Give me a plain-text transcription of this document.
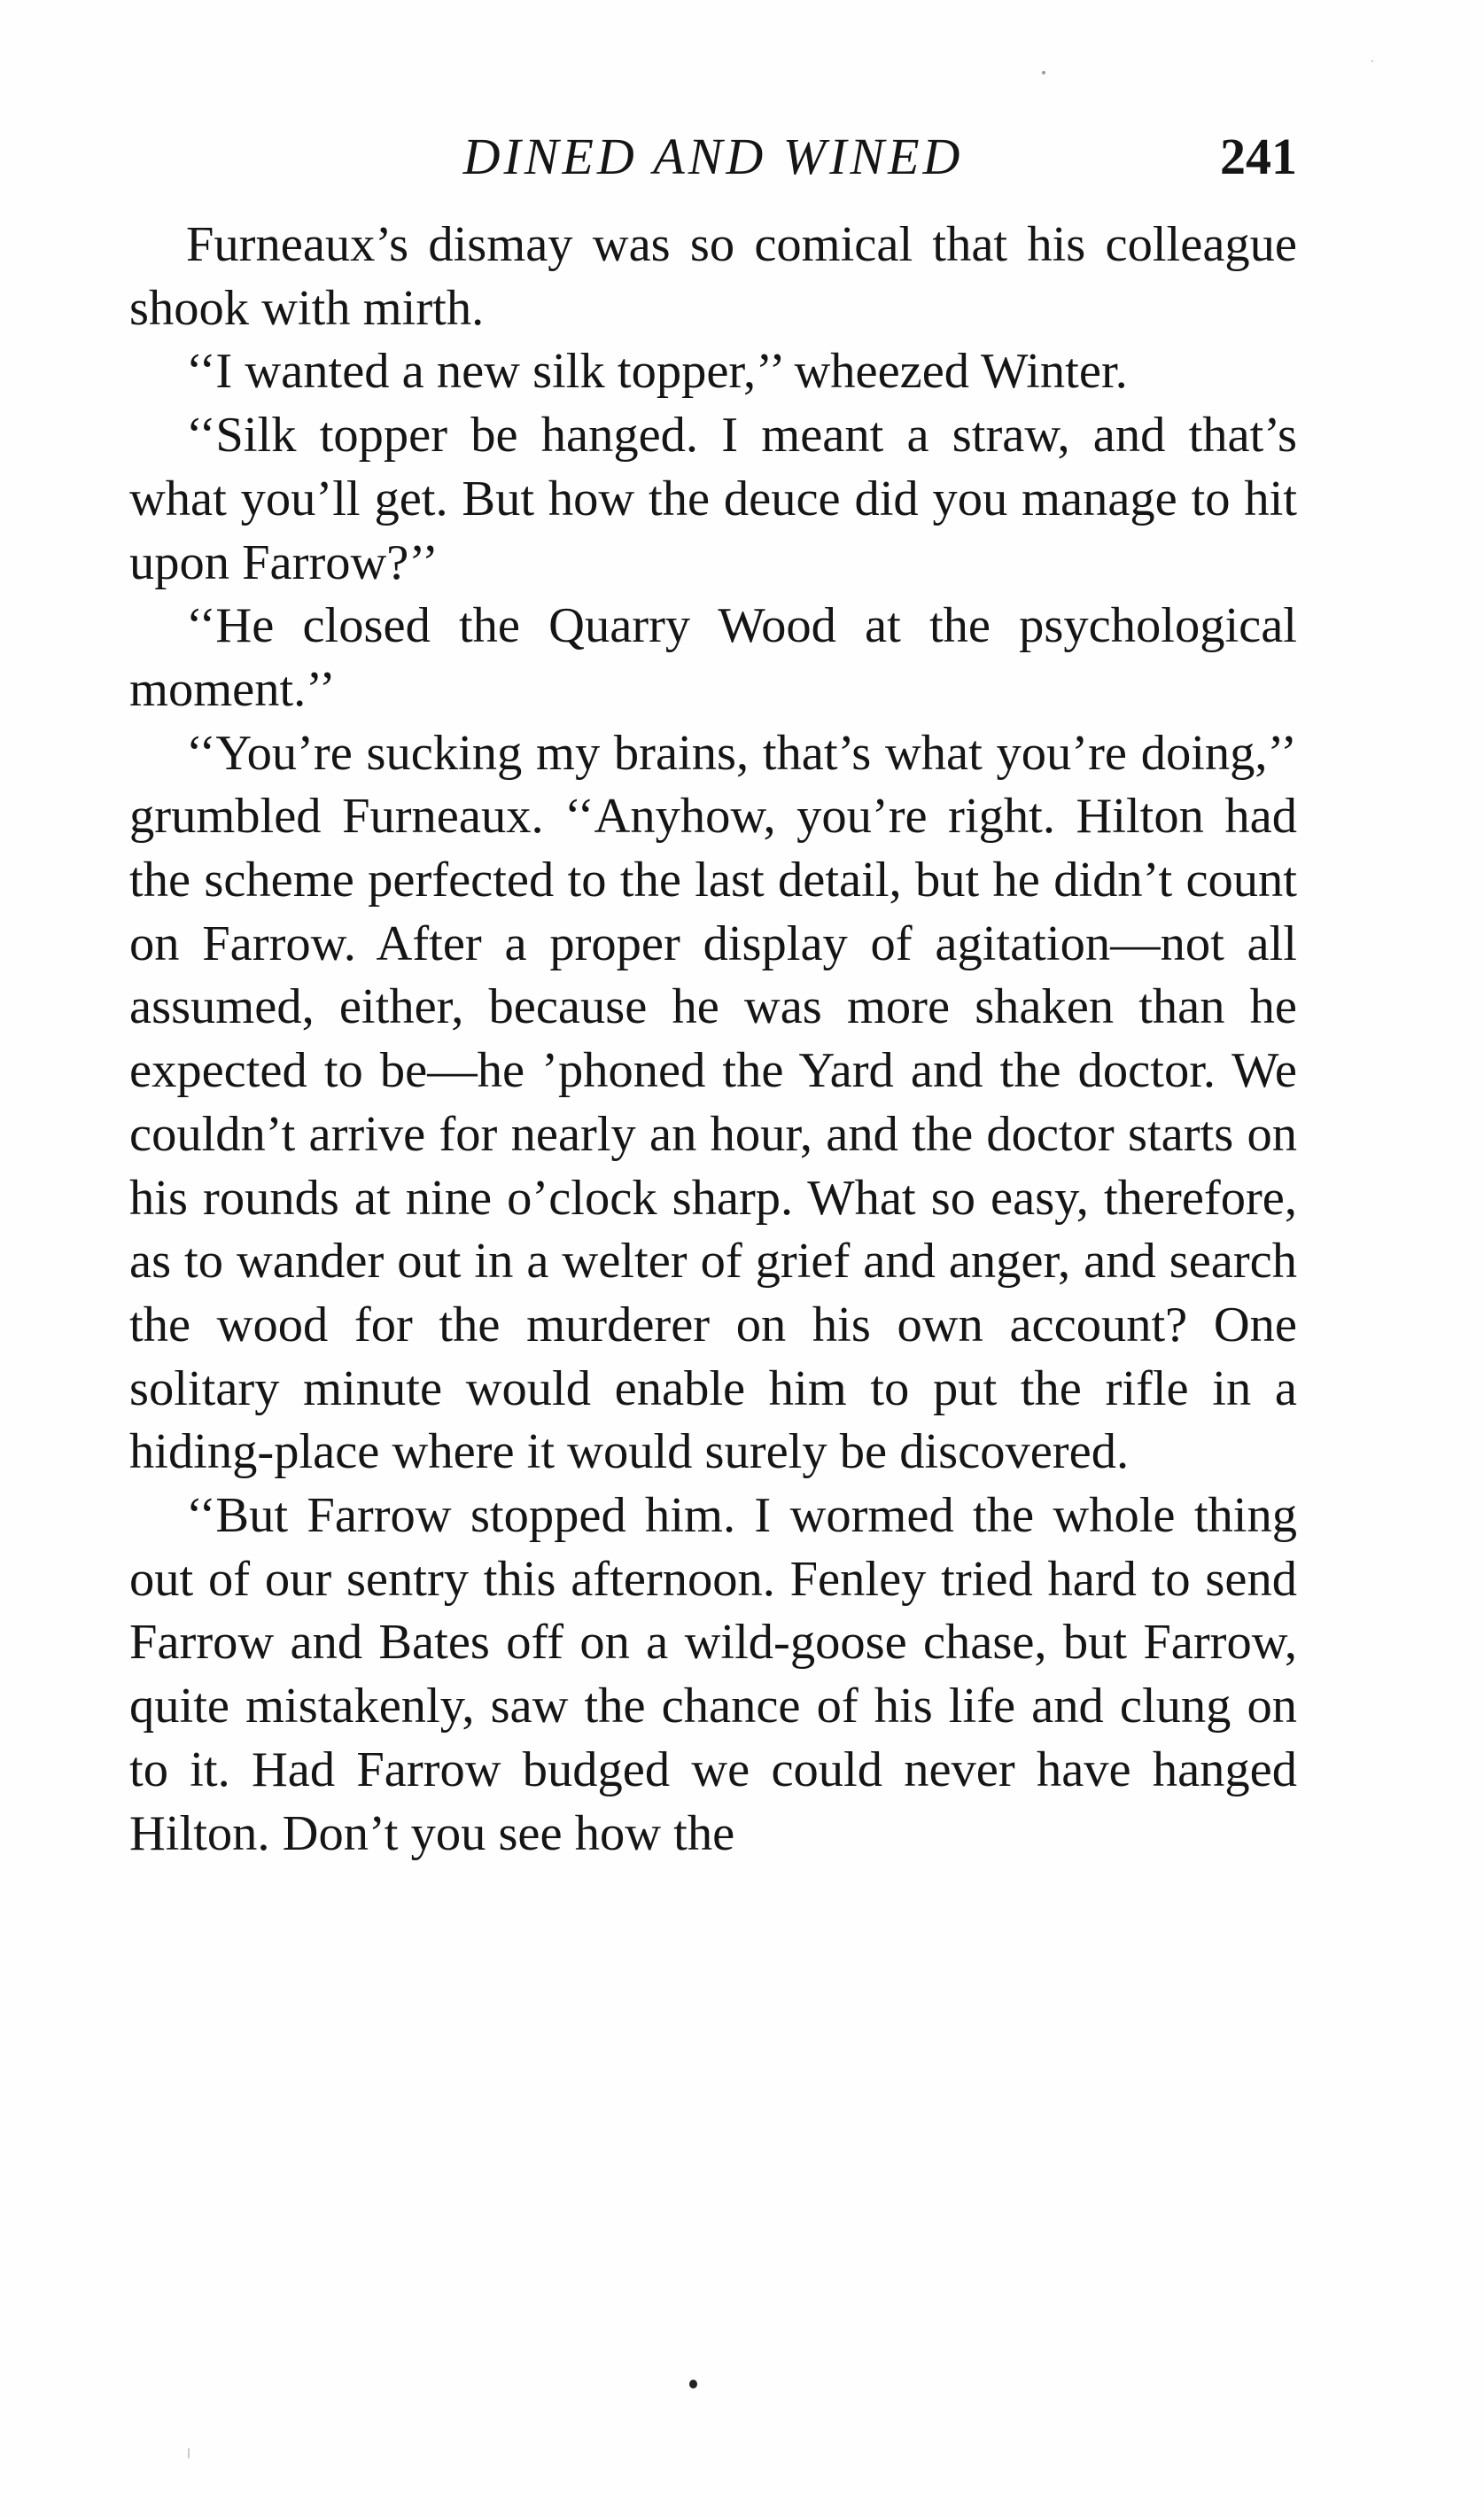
DINED AND WINED	241

Furneaux’s dismay was so comical that his colleague shook with mirth.

‘‘I wanted a new silk topper,’’ wheezed Winter.

‘‘Silk topper be hanged. I meant a straw, and that’s what you’ll get. But how the deuce did you manage to hit upon Farrow?’’

‘‘He closed the Quarry Wood at the psychological moment.’’

‘‘You’re sucking my brains, that’s what you’re doing,’’ grumbled Furneaux. ‘‘Anyhow, you’re right. Hilton had the scheme perfected to the last detail, but he didn’t count on Farrow. After a proper display of agitation—not all assumed, either, because he was more shaken than he expected to be—he ’phoned the Yard and the doctor. We couldn’t arrive for nearly an hour, and the doctor starts on his rounds at nine o’clock sharp. What so easy, therefore, as to wander out in a welter of grief and anger, and search the wood for the murderer on his own account? One solitary minute would enable him to put the rifle in a hiding-place where it would surely be discovered.

‘‘But Farrow stopped him. I wormed the whole thing out of our sentry this afternoon. Fenley tried hard to send Farrow and Bates off on a wild-goose chase, but Farrow, quite mistakenly, saw the chance of his life and clung on to it. Had Farrow budged we could never have hanged Hilton. Don’t you see how the
